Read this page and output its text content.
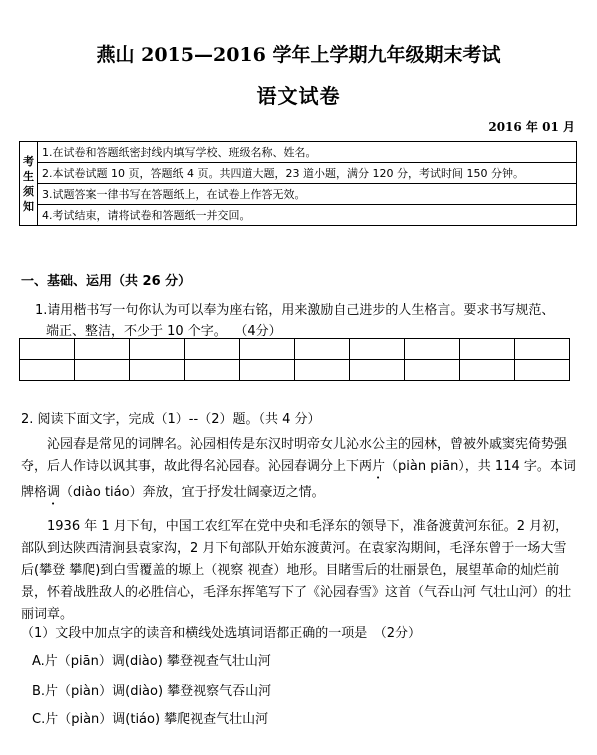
燕山 2015—2016 学年上学期九年级期末考试
语文试卷
2016 年 01 月
考
生
须
知	1.在试卷和答题纸密封线内填写学校、班级名称、姓名。
2.本试卷试题 10 页，答题纸 4 页。共四道大题，23 道小题，满分 120 分，考试时间 150 分钟。
3.试题答案一律书写在答题纸上，在试卷上作答无效。
4.考试结束，请将试卷和答题纸一并交回。
一、基础、运用（共 26 分）
1.请用楷书写一句你认为可以奉为座右铭，用来激励自己进步的人生格言。要求书写规范、
端正、整洁，不少于 10 个字。 （4分）

2. 阅读下面文字，完成（1）--（2）题。（共 4 分）
沁园春是常见的词牌名。沁园相传是东汉时明帝女儿沁水公主的园林，曾被外戚窦宪倚势强夺，后人作诗以讽其事，故此得名沁园春。沁园春调分上下两片（piàn piān），共 114 字。本词牌格调（diào tiáo）奔放，宜于抒发壮阔豪迈之情。
1936 年 1 月下旬，中国工农红军在党中央和毛泽东的领导下，准备渡黄河东征。2 月初，部队到达陕西清涧县袁家沟，2 月下旬部队开始东渡黄河。在袁家沟期间，毛泽东曾于一场大雪后(攀登 攀爬)到白雪覆盖的塬上（视察 视查）地形。目睹雪后的壮丽景色，展望革命的灿烂前景，怀着战胜敌人的必胜信心，毛泽东挥笔写下了《沁园春雪》这首（气吞山河 气壮山河）的壮丽词章。
（1）文段中加点字的读音和横线处选填词语都正确的一项是　（2分）
A.片（piān）调(diào) 攀登视查气壮山河
B.片（piàn）调(diào) 攀登视察气吞山河
C.片（piàn）调(tiáo) 攀爬视查气壮山河
